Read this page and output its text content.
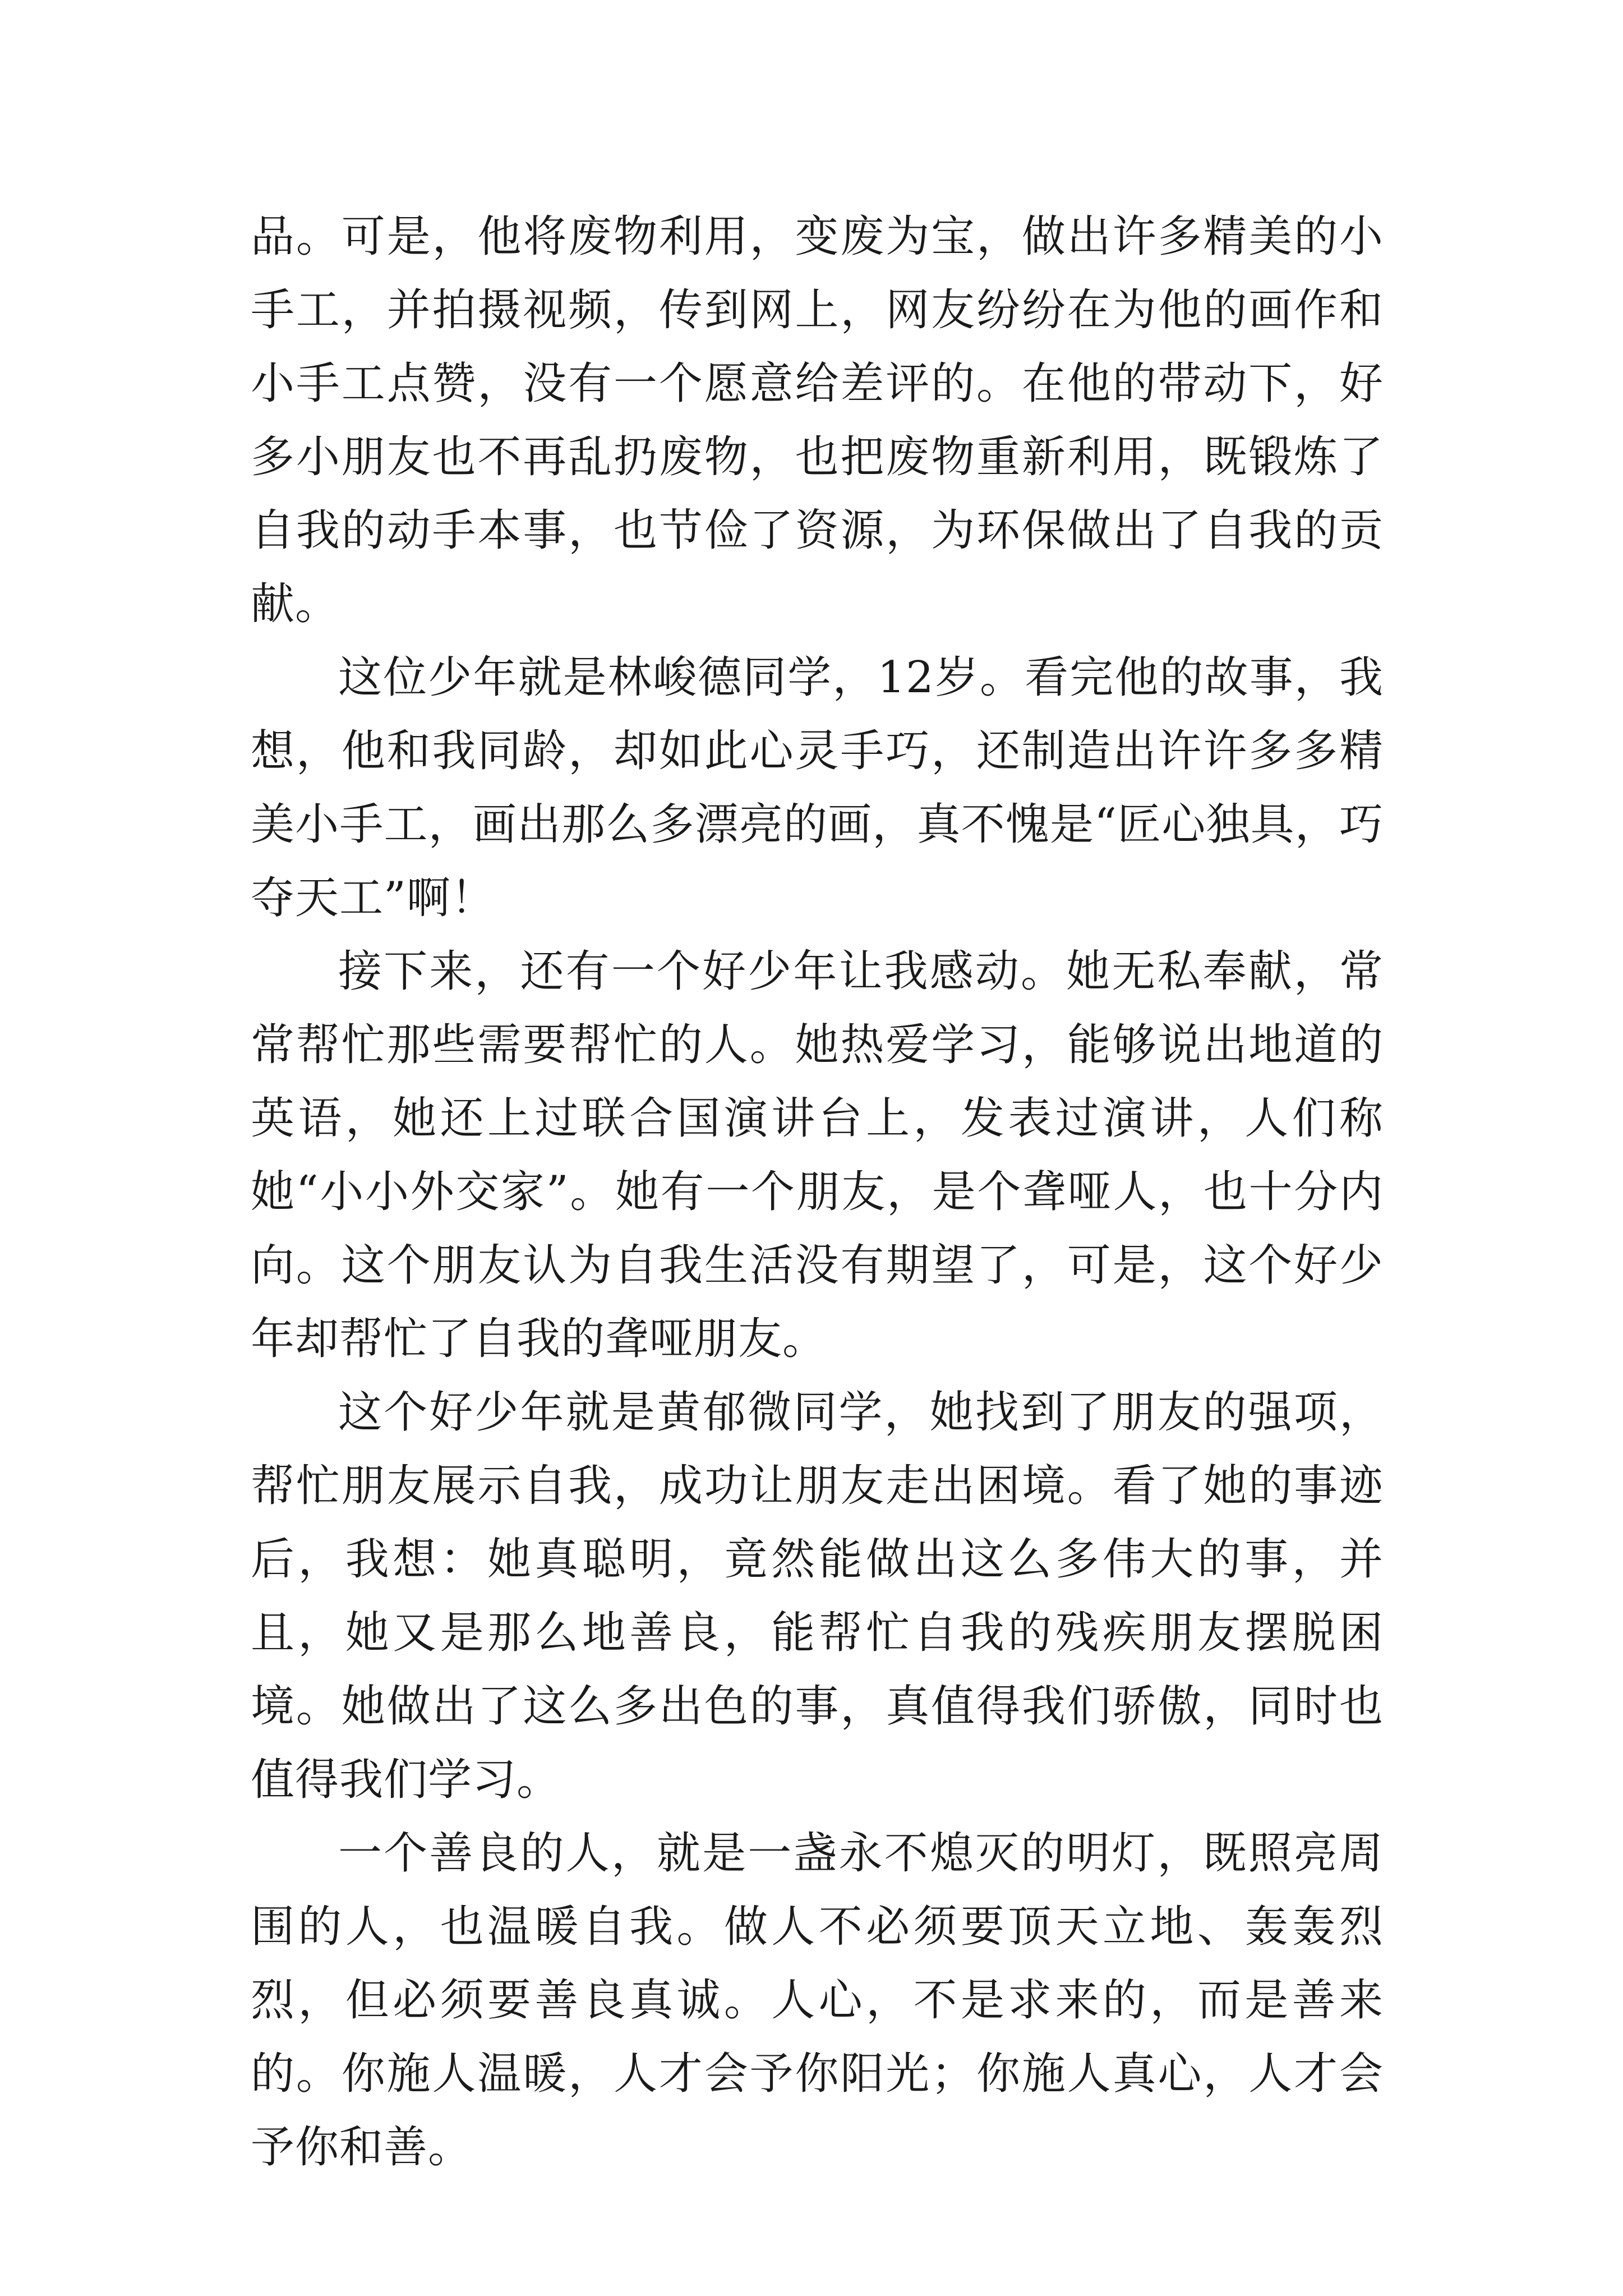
品。可是，他将废物利用，变废为宝，做出许多精美的小手工，并拍摄视频，传到网上，网友纷纷在为他的画作和小手工点赞，没有一个愿意给差评的。在他的带动下，好多小朋友也不再乱扔废物，也把废物重新利用，既锻炼了自我的动手本事，也节俭了资源，为环保做出了自我的贡献。

这位少年就是林峻德同学，12岁。看完他的故事，我想，他和我同龄，却如此心灵手巧，还制造出许许多多精美小手工，画出那么多漂亮的画，真不愧是“匠心独具，巧夺天工”啊！

接下来，还有一个好少年让我感动。她无私奉献，常常帮忙那些需要帮忙的人。她热爱学习，能够说出地道的英语，她还上过联合国演讲台上，发表过演讲，人们称她“小小外交家”。她有一个朋友，是个聋哑人，也十分内向。这个朋友认为自我生活没有期望了，可是，这个好少年却帮忙了自我的聋哑朋友。

这个好少年就是黄郁微同学，她找到了朋友的强项，帮忙朋友展示自我，成功让朋友走出困境。看了她的事迹后，我想：她真聪明，竟然能做出这么多伟大的事，并且，她又是那么地善良，能帮忙自我的残疾朋友摆脱困境。她做出了这么多出色的事，真值得我们骄傲，同时也值得我们学习。

一个善良的人，就是一盏永不熄灭的明灯，既照亮周围的人，也温暖自我。做人不必须要顶天立地、轰轰烈烈，但必须要善良真诚。人心，不是求来的，而是善来的。你施人温暖，人才会予你阳光；你施人真心，人才会予你和善。
